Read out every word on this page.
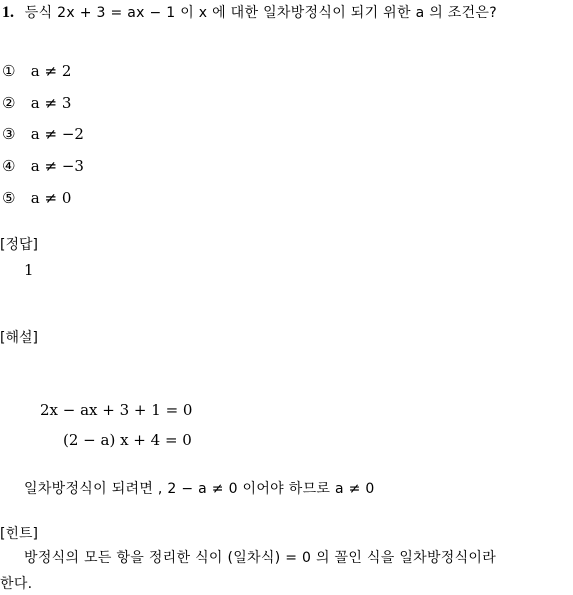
1. 등식 2x + 3 = ax − 1 이 x 에 대한 일차방정식이 되기 위한 a 의 조건은?
① a ≠ 2
② a ≠ 3
③ a ≠ −2
④ a ≠ −3
⑤ a ≠ 0
[정답]
1
[해설]
2x − ax + 3 + 1 = 0
(2 − a) x + 4 = 0
일차방정식이 되려면 , 2 − a ≠ 0 이어야 하므로 a ≠ 0
[힌트]
방정식의 모든 항을 정리한 식이 (일차식) = 0 의 꼴인 식을 일차방정식이라
한다.
